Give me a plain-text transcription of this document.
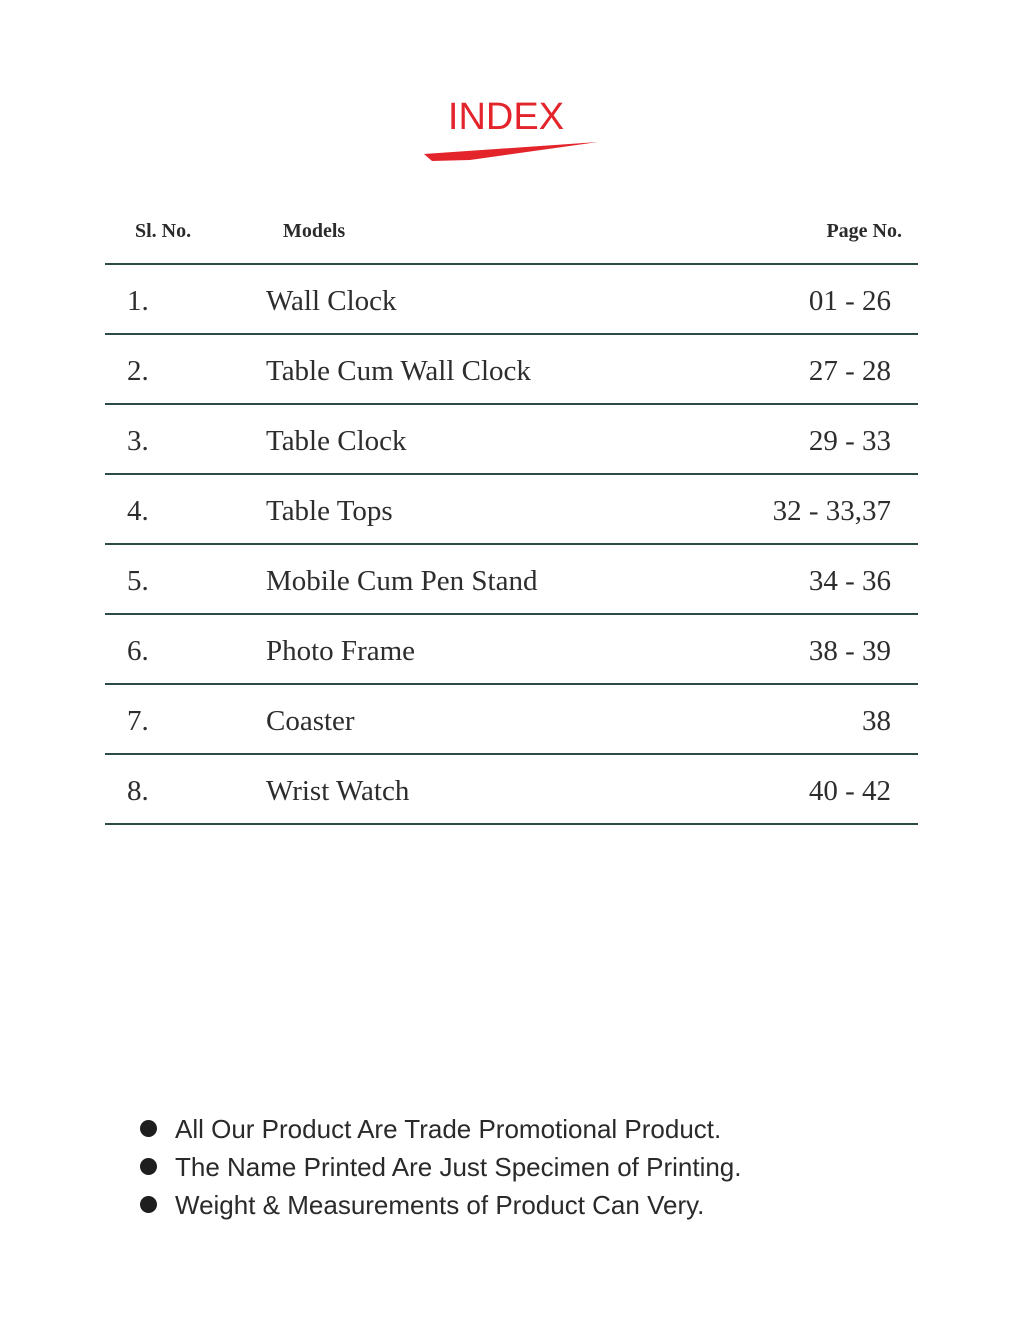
INDEX
Sl. No.	Models	Page No.
1.	Wall Clock	01 - 26
2.	Table Cum Wall Clock	27 - 28
3.	Table Clock	29 - 33
4.	Table Tops	32 - 33,37
5.	Mobile Cum Pen Stand	34 - 36
6.	Photo Frame	38 - 39
7.	Coaster	38
8.	Wrist Watch	40 - 42
All Our Product Are Trade Promotional Product.
The Name Printed Are Just Specimen of Printing.
Weight & Measurements of Product Can Very.
